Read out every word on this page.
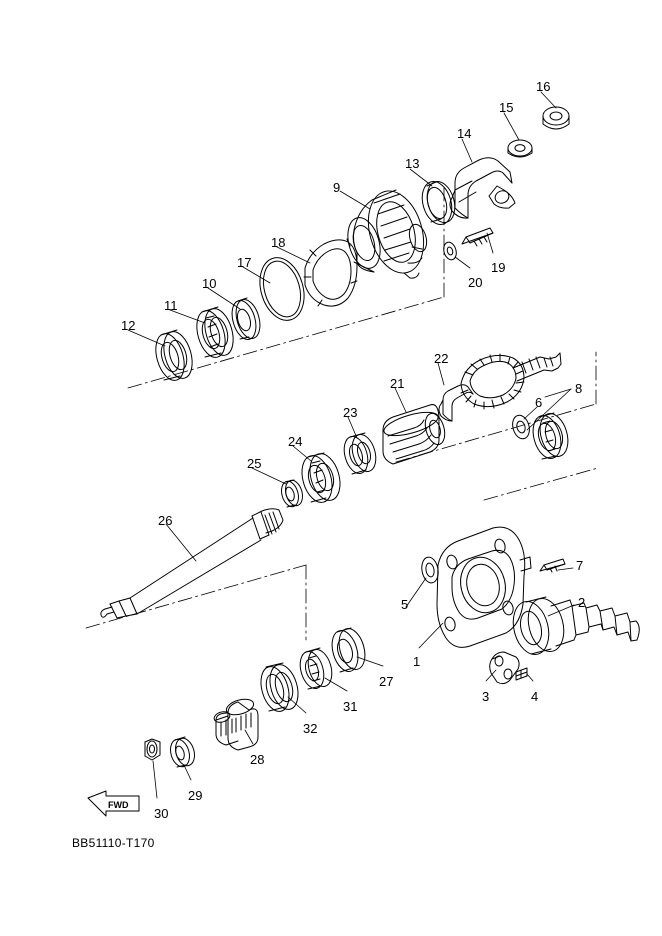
16
15
14
13
9
18
19
20
17
10
11
12
22
8
21
6
23
24
25
26
7
5	2
1
3	4
27
31
32
28
29
30
FWD
BB51110-T170
